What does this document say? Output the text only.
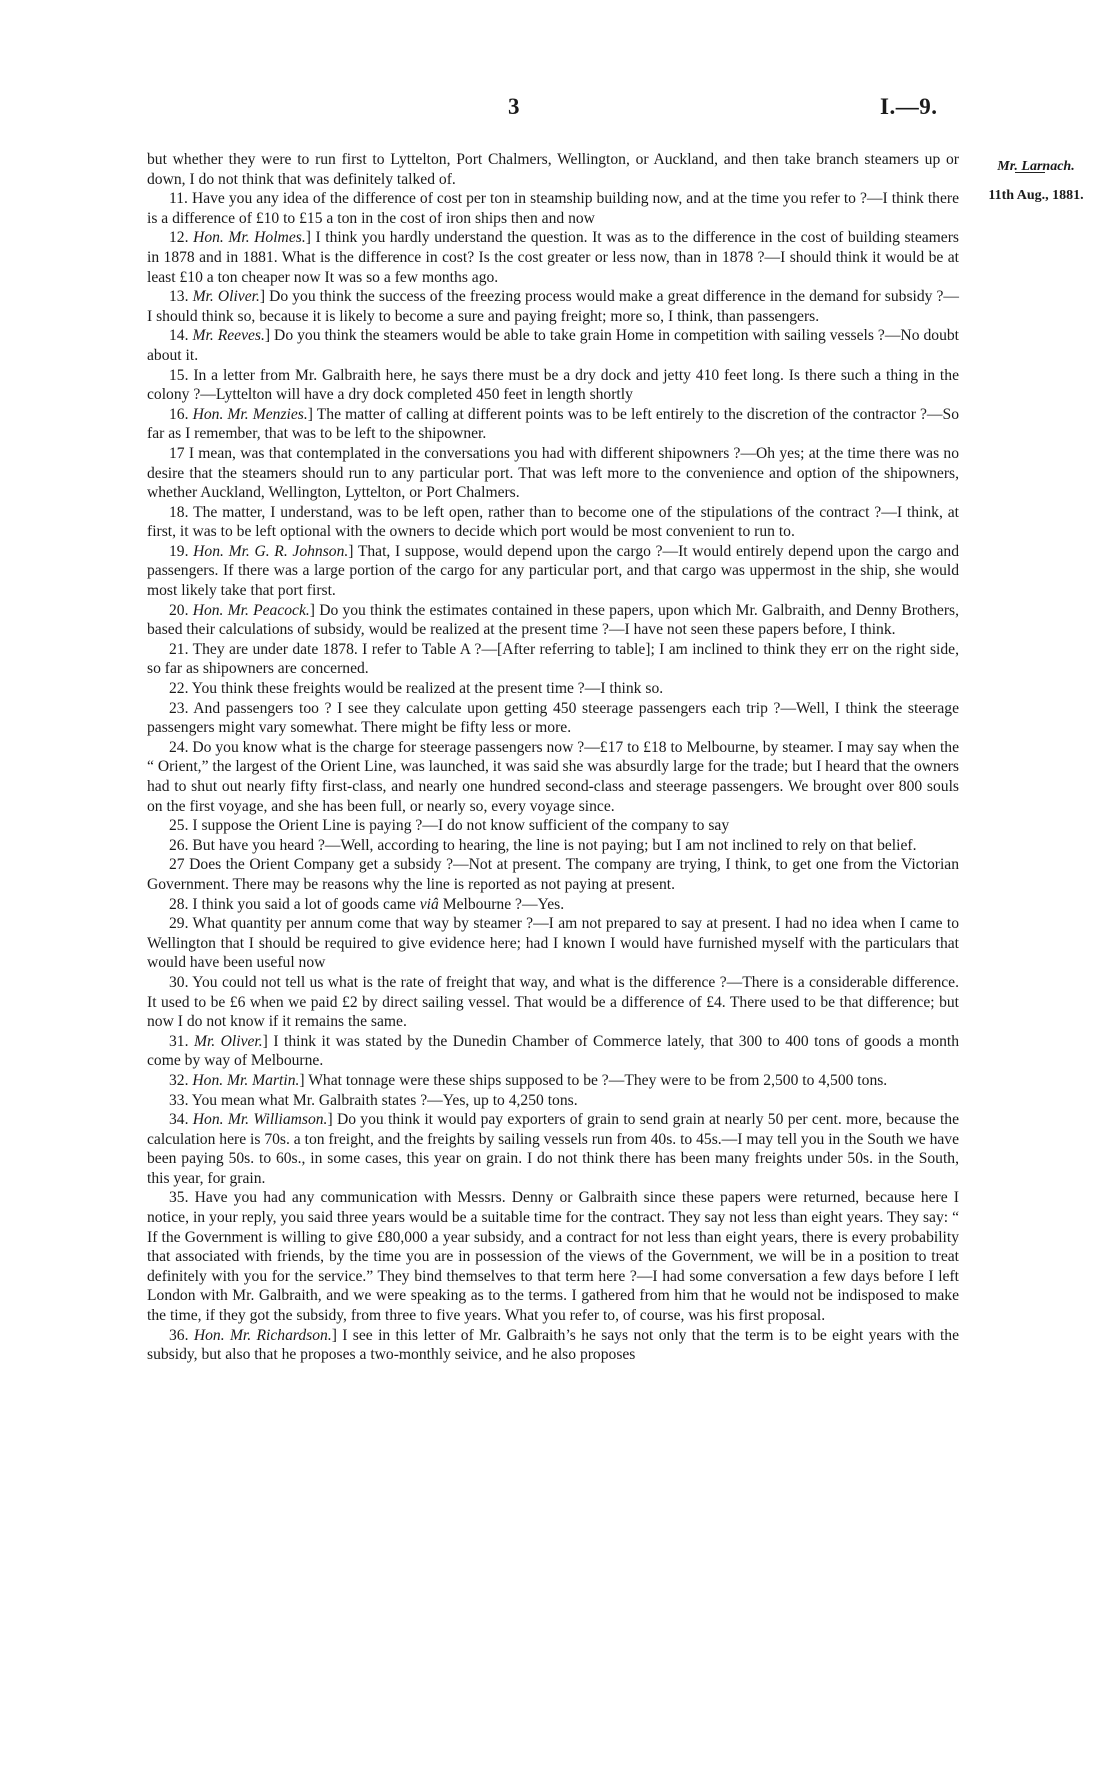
3	I.—9.
Mr. Larnach.
11th Aug., 1881.

but whether they were to run first to Lyttelton, Port Chalmers, Wellington, or Auckland, and then take branch steamers up or down, I do not think that was definitely talked of.

11. Have you any idea of the difference of cost per ton in steamship building now, and at the time you refer to ?—I think there is a difference of £10 to £15 a ton in the cost of iron ships then and now

12. Hon. Mr. Holmes.] I think you hardly understand the question. It was as to the difference in the cost of building steamers in 1878 and in 1881. What is the difference in cost? Is the cost greater or less now, than in 1878 ?—I should think it would be at least £10 a ton cheaper now It was so a few months ago.

13. Mr. Oliver.] Do you think the success of the freezing process would make a great difference in the demand for subsidy ?—I should think so, because it is likely to become a sure and paying freight; more so, I think, than passengers.

14. Mr. Reeves.] Do you think the steamers would be able to take grain Home in competition with sailing vessels ?—No doubt about it.

15. In a letter from Mr. Galbraith here, he says there must be a dry dock and jetty 410 feet long. Is there such a thing in the colony ?—Lyttelton will have a dry dock completed 450 feet in length shortly

16. Hon. Mr. Menzies.] The matter of calling at different points was to be left entirely to the discretion of the contractor ?—So far as I remember, that was to be left to the shipowner.

17 I mean, was that contemplated in the conversations you had with different shipowners ?—Oh yes; at the time there was no desire that the steamers should run to any particular port. That was left more to the convenience and option of the shipowners, whether Auckland, Wellington, Lyttelton, or Port Chalmers.

18. The matter, I understand, was to be left open, rather than to become one of the stipulations of the contract ?—I think, at first, it was to be left optional with the owners to decide which port would be most convenient to run to.

19. Hon. Mr. G. R. Johnson.] That, I suppose, would depend upon the cargo ?—It would entirely depend upon the cargo and passengers. If there was a large portion of the cargo for any particular port, and that cargo was uppermost in the ship, she would most likely take that port first.

20. Hon. Mr. Peacock.] Do you think the estimates contained in these papers, upon which Mr. Galbraith, and Denny Brothers, based their calculations of subsidy, would be realized at the present time ?—I have not seen these papers before, I think.

21. They are under date 1878. I refer to Table A ?—[After referring to table]; I am inclined to think they err on the right side, so far as shipowners are concerned.

22. You think these freights would be realized at the present time ?—I think so.

23. And passengers too ? I see they calculate upon getting 450 steerage passengers each trip ?—Well, I think the steerage passengers might vary somewhat. There might be fifty less or more.

24. Do you know what is the charge for steerage passengers now ?—£17 to £18 to Melbourne, by steamer. I may say when the “ Orient,” the largest of the Orient Line, was launched, it was said she was absurdly large for the trade; but I heard that the owners had to shut out nearly fifty first-class, and nearly one hundred second-class and steerage passengers. We brought over 800 souls on the first voyage, and she has been full, or nearly so, every voyage since.

25. I suppose the Orient Line is paying ?—I do not know sufficient of the company to say

26. But have you heard ?—Well, according to hearing, the line is not paying; but I am not inclined to rely on that belief.

27 Does the Orient Company get a subsidy ?—Not at present. The company are trying, I think, to get one from the Victorian Government. There may be reasons why the line is reported as not paying at present.

28. I think you said a lot of goods came viâ Melbourne ?—Yes.

29. What quantity per annum come that way by steamer ?—I am not prepared to say at present. I had no idea when I came to Wellington that I should be required to give evidence here; had I known I would have furnished myself with the particulars that would have been useful now

30. You could not tell us what is the rate of freight that way, and what is the difference ?—There is a considerable difference. It used to be £6 when we paid £2 by direct sailing vessel. That would be a difference of £4. There used to be that difference; but now I do not know if it remains the same.

31. Mr. Oliver.] I think it was stated by the Dunedin Chamber of Commerce lately, that 300 to 400 tons of goods a month come by way of Melbourne.

32. Hon. Mr. Martin.] What tonnage were these ships supposed to be ?—They were to be from 2,500 to 4,500 tons.

33. You mean what Mr. Galbraith states ?—Yes, up to 4,250 tons.

34. Hon. Mr. Williamson.] Do you think it would pay exporters of grain to send grain at nearly 50 per cent. more, because the calculation here is 70s. a ton freight, and the freights by sailing vessels run from 40s. to 45s.—I may tell you in the South we have been paying 50s. to 60s., in some cases, this year on grain. I do not think there has been many freights under 50s. in the South, this year, for grain.

35. Have you had any communication with Messrs. Denny or Galbraith since these papers were returned, because here I notice, in your reply, you said three years would be a suitable time for the contract. They say not less than eight years. They say: “ If the Government is willing to give £80,000 a year subsidy, and a contract for not less than eight years, there is every probability that associated with friends, by the time you are in possession of the views of the Government, we will be in a position to treat definitely with you for the service.” They bind themselves to that term here ?—I had some conversation a few days before I left London with Mr. Galbraith, and we were speaking as to the terms. I gathered from him that he would not be indisposed to make the time, if they got the subsidy, from three to five years. What you refer to, of course, was his first proposal.

36. Hon. Mr. Richardson.] I see in this letter of Mr. Galbraith’s he says not only that the term is to be eight years with the subsidy, but also that he proposes a two-monthly seivice, and he also proposes
